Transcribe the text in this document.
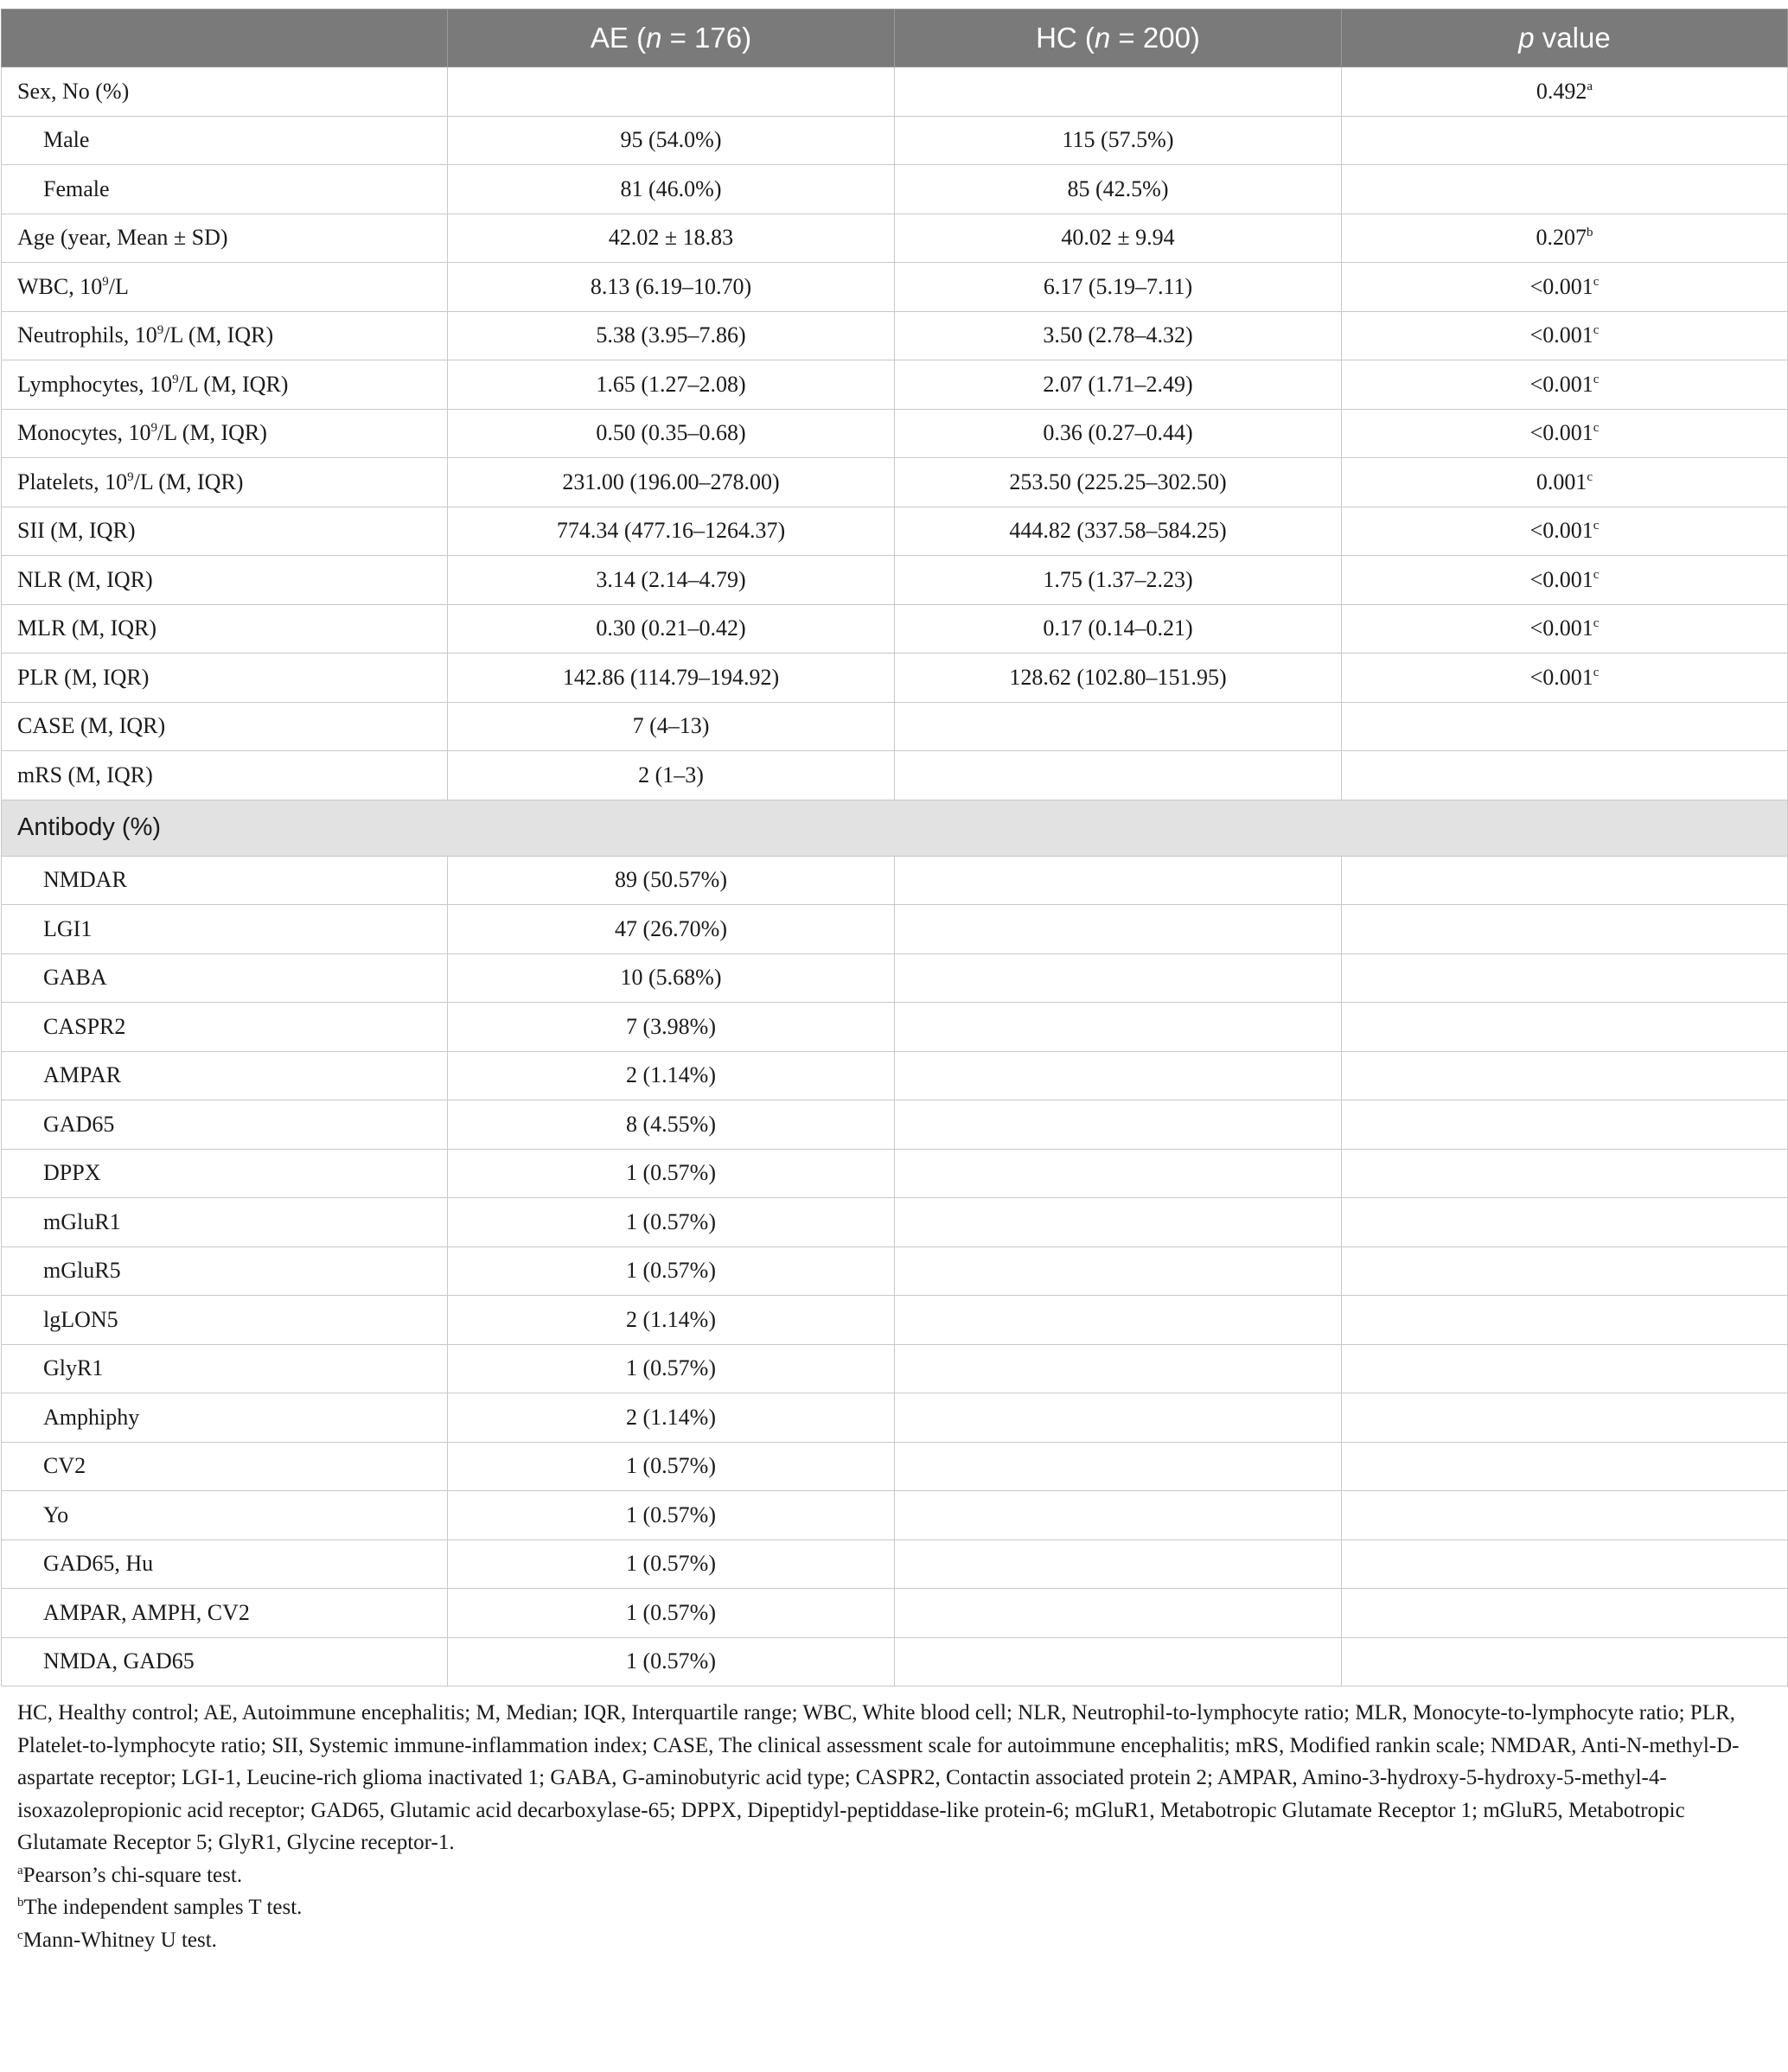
	AE (n = 176)	HC (n = 200)	p value
Sex, No (%)			0.492$^a$
Male	95 (54.0%)	115 (57.5%)	
Female	81 (46.0%)	85 (42.5%)	
Age (year, Mean ± SD)	42.02 ± 18.83	40.02 ± 9.94	0.207$^b$
WBC, $10^9/L$	8.13 (6.19–10.70)	6.17 (5.19–7.11)	<0.001$^c$
Neutrophils, $10^9/L$ (M, IQR)	5.38 (3.95–7.86)	3.50 (2.78–4.32)	<0.001$^c$
Lymphocytes, $10^9/L$ (M, IQR)	1.65 (1.27–2.08)	2.07 (1.71–2.49)	<0.001$^c$
Monocytes, $10^9/L$ (M, IQR)	0.50 (0.35–0.68)	0.36 (0.27–0.44)	<0.001$^c$
Platelets, $10^9/L$ (M, IQR)	231.00 (196.00–278.00)	253.50 (225.25–302.50)	0.001$^c$
SII (M, IQR)	774.34 (477.16–1264.37)	444.82 (337.58–584.25)	<0.001$^c$
NLR (M, IQR)	3.14 (2.14–4.79)	1.75 (1.37–2.23)	<0.001$^c$
MLR (M, IQR)	0.30 (0.21–0.42)	0.17 (0.14–0.21)	<0.001$^c$
PLR (M, IQR)	142.86 (114.79–194.92)	128.62 (102.80–151.95)	<0.001$^c$
CASE (M, IQR)	7 (4–13)		
mRS (M, IQR)	2 (1–3)		
Antibody (%)			
NMDAR	89 (50.57%)		
LGI1	47 (26.70%)		
GABA	10 (5.68%)		
CASPR2	7 (3.98%)		
AMPAR	2 (1.14%)		
GAD65	8 (4.55%)		
DPPX	1 (0.57%)		
mGluR1	1 (0.57%)		
mGluR5	1 (0.57%)		
lgLON5	2 (1.14%)		
GlyR1	1 (0.57%)		
Amphiphy	2 (1.14%)		
CV2	1 (0.57%)		
Yo	1 (0.57%)		
GAD65, Hu	1 (0.57%)		
AMPAR, AMPH, CV2	1 (0.57%)		
NMDA, GAD65	1 (0.57%)		

HC, Healthy control; AE, Autoimmune encephalitis; M, Median; IQR, Interquartile range; WBC, White blood cell; NLR, Neutrophil-to-lymphocyte ratio; MLR, Monocyte-to-lymphocyte ratio; PLR, Platelet-to-lymphocyte ratio; SII, Systemic immune-inflammation index; CASE, The clinical assessment scale for autoimmune encephalitis; mRS, Modified rankin scale; NMDAR, Anti-N-methyl-D-aspartate receptor; LGI-1, Leucine-rich glioma inactivated 1; GABA, G-aminobutyric acid type; CASPR2, Contactin associated protein 2; AMPAR, Amino-3-hydroxy-5-hydroxy-5-methyl-4-isoxazolepropionic acid receptor; GAD65, Glutamic acid decarboxylase-65; DPPX, Dipeptidyl-peptiddase-like protein-6; mGluR1, Metabotropic Glutamate Receptor 1; mGluR5, Metabotropic Glutamate Receptor 5; GlyR1, Glycine receptor-1.

$^a$Pearson’s chi-square test.

$^b$The independent samples T test.

$^c$Mann-Whitney U test.
